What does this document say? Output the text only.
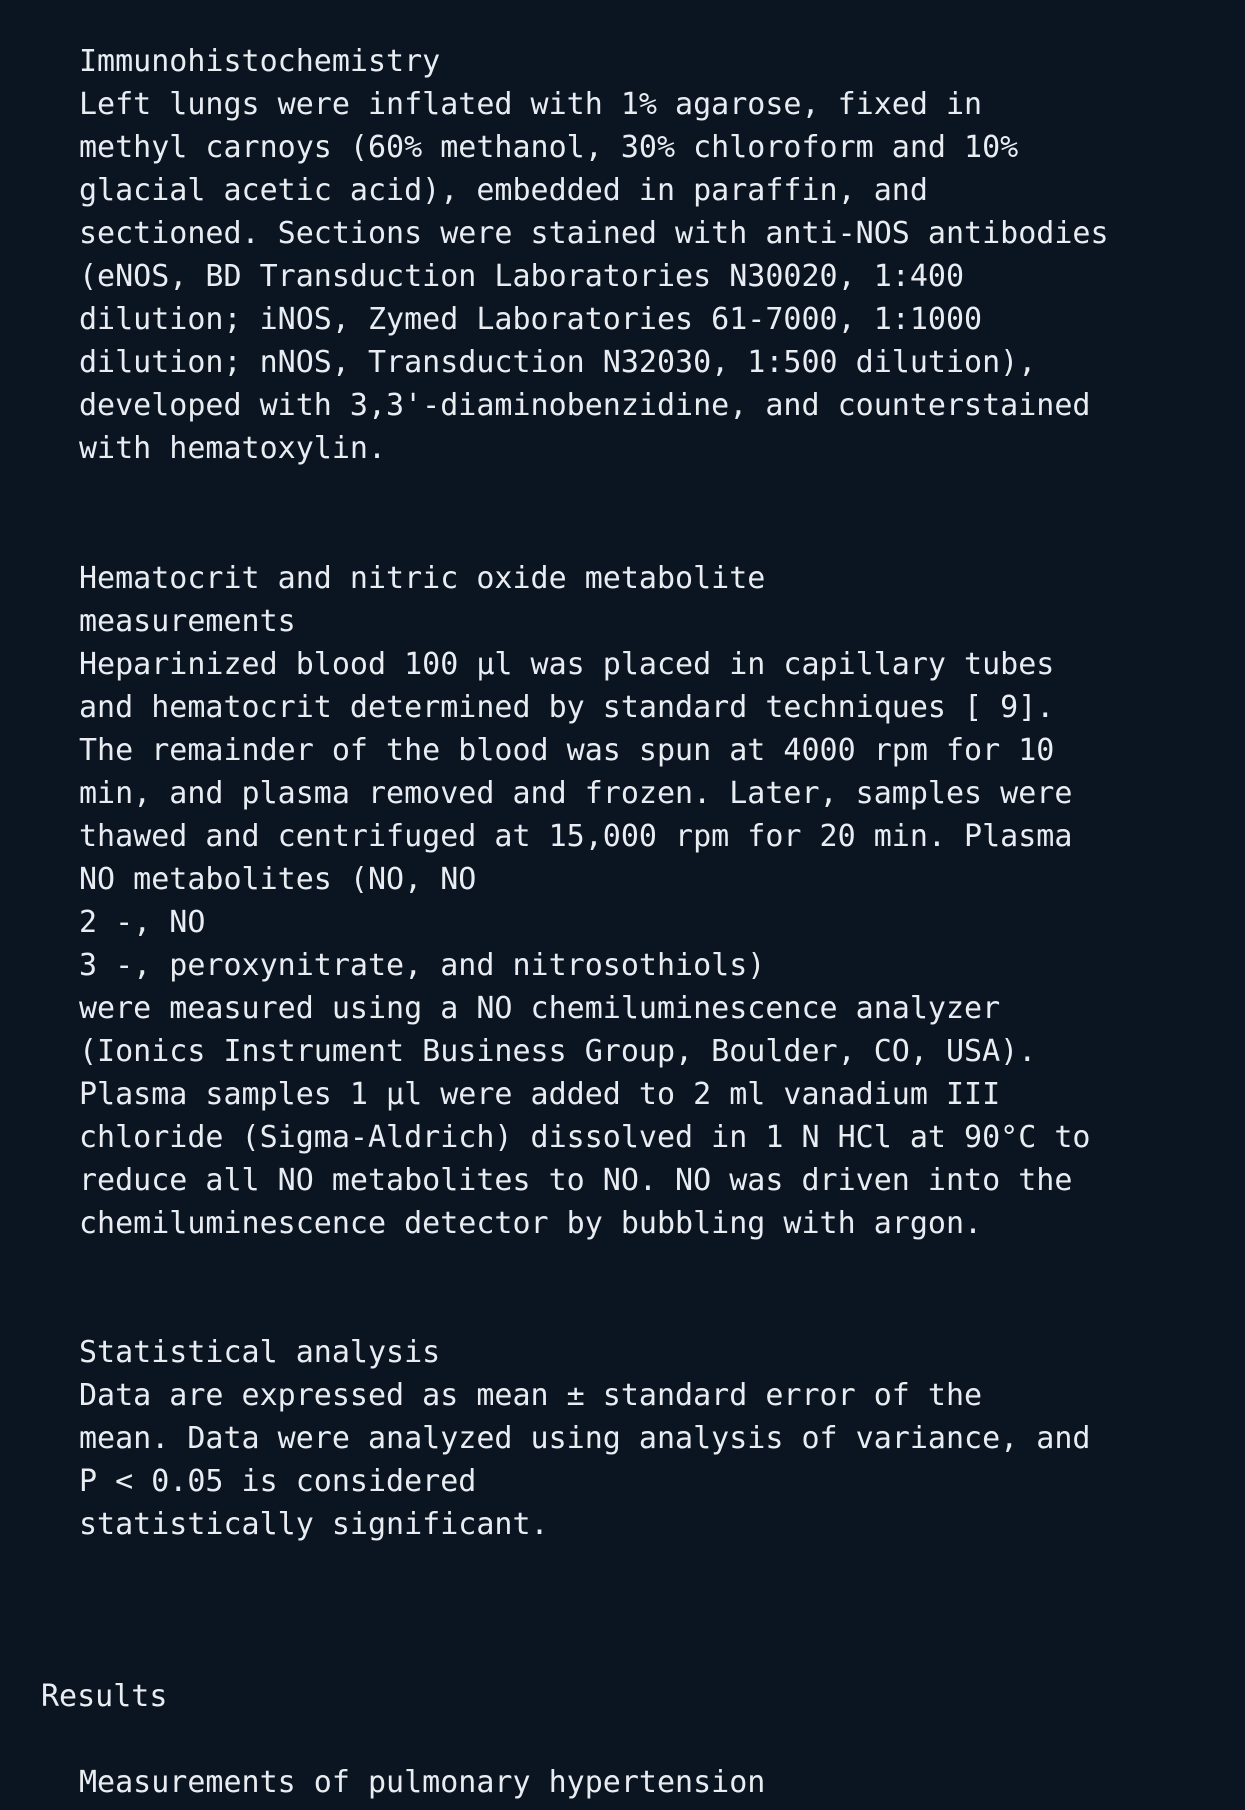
Immunohistochemistry

Left lungs were inflated with 1% agarose, fixed in

methyl carnoys (60% methanol, 30% chloroform and 10%

glacial acetic acid), embedded in paraffin, and

sectioned. Sections were stained with anti-NOS antibodies

(eNOS, BD Transduction Laboratories N30020, 1:400

dilution; iNOS, Zymed Laboratories 61-7000, 1:1000

dilution; nNOS, Transduction N32030, 1:500 dilution),

developed with 3,3'-diaminobenzidine, and counterstained

with hematoxylin.

Hematocrit and nitric oxide metabolite

measurements

Heparinized blood 100 µl was placed in capillary tubes

and hematocrit determined by standard techniques [ 9].

The remainder of the blood was spun at 4000 rpm for 10

min, and plasma removed and frozen. Later, samples were

thawed and centrifuged at 15,000 rpm for 20 min. Plasma

NO metabolites (NO, NO

2 -, NO

3 -, peroxynitrate, and nitrosothiols)

were measured using a NO chemiluminescence analyzer

(Ionics Instrument Business Group, Boulder, CO, USA).

Plasma samples 1 µl were added to 2 ml vanadium III

chloride (Sigma-Aldrich) dissolved in 1 N HCl at 90°C to

reduce all NO metabolites to NO. NO was driven into the

chemiluminescence detector by bubbling with argon.

Statistical analysis

Data are expressed as mean ± standard error of the

mean. Data were analyzed using analysis of variance, and

P < 0.05 is considered

statistically significant.

Results

Measurements of pulmonary hypertension
